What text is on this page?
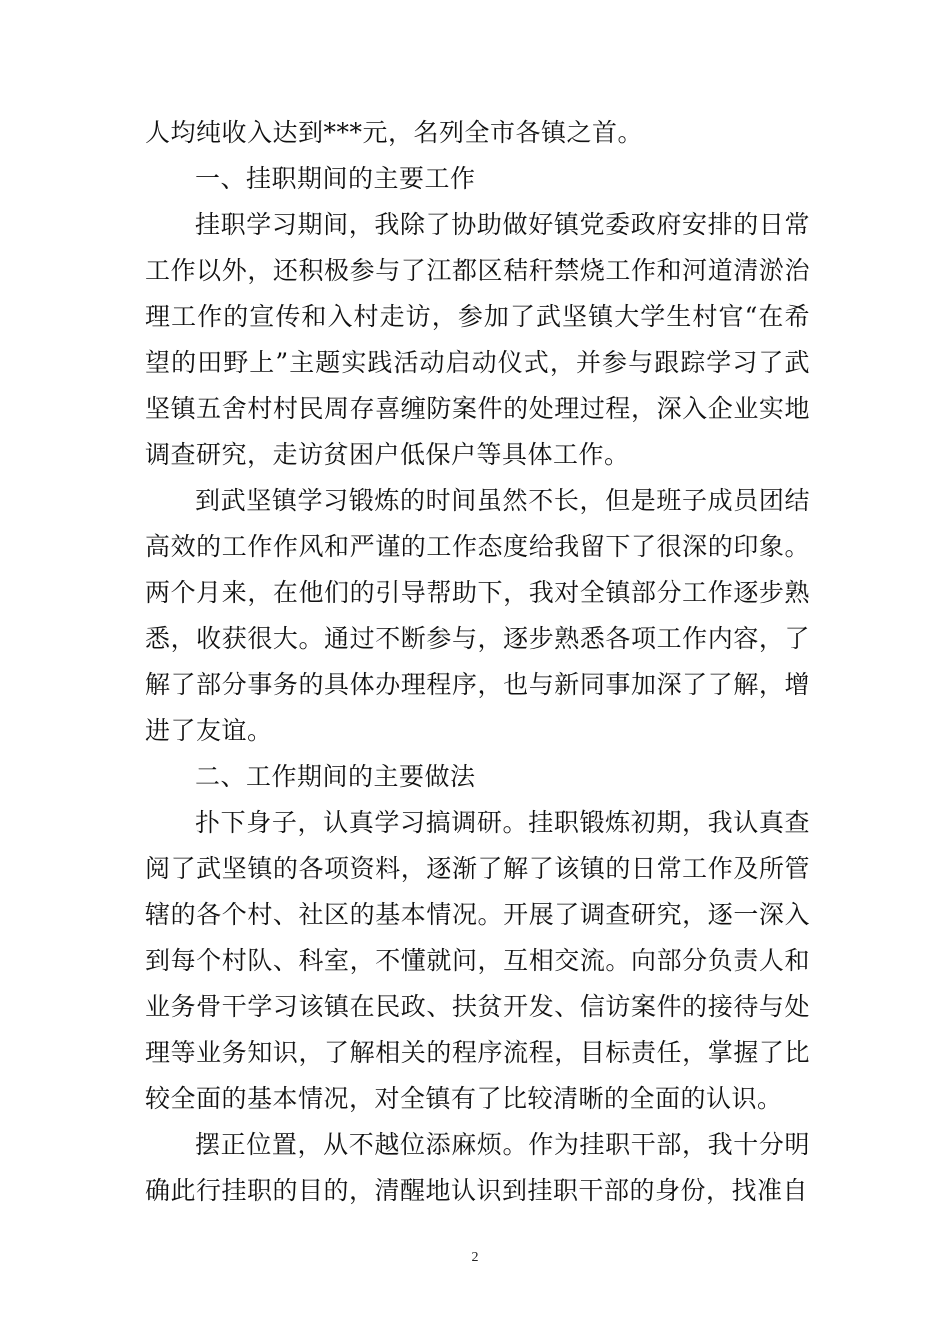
人均纯收入达到***元，名列全市各镇之首。

一、挂职期间的主要工作

挂职学习期间，我除了协助做好镇党委政府安排的日常工作以外，还积极参与了江都区秸秆禁烧工作和河道清淤治理工作的宣传和入村走访，参加了武坚镇大学生村官“在希望的田野上”主题实践活动启动仪式，并参与跟踪学习了武坚镇五舍村村民周存喜缠防案件的处理过程，深入企业实地调查研究，走访贫困户低保户等具体工作。

到武坚镇学习锻炼的时间虽然不长，但是班子成员团结高效的工作作风和严谨的工作态度给我留下了很深的印象。两个月来，在他们的引导帮助下，我对全镇部分工作逐步熟悉，收获很大。通过不断参与，逐步熟悉各项工作内容，了解了部分事务的具体办理程序，也与新同事加深了了解，增进了友谊。

二、工作期间的主要做法

扑下身子，认真学习搞调研。挂职锻炼初期，我认真查阅了武坚镇的各项资料，逐渐了解了该镇的日常工作及所管辖的各个村、社区的基本情况。开展了调查研究，逐一深入到每个村队、科室，不懂就问，互相交流。向部分负责人和业务骨干学习该镇在民政、扶贫开发、信访案件的接待与处理等业务知识，了解相关的程序流程，目标责任，掌握了比较全面的基本情况，对全镇有了比较清晰的全面的认识。

摆正位置，从不越位添麻烦。作为挂职干部，我十分明确此行挂职的目的，清醒地认识到挂职干部的身份，找准自

2
